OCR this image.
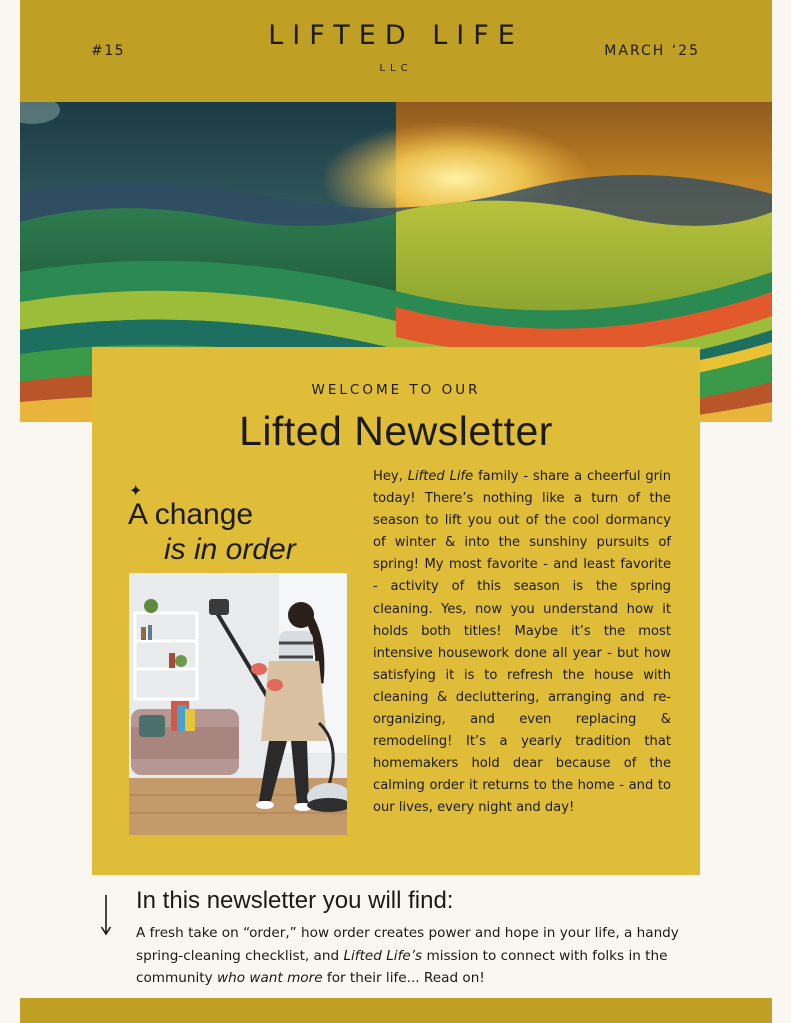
#15	LIFTED LIFE
LLC
MARCH ‘25
WELCOME TO OUR
Lifted Newsletter
✦
A change
is in order
Hey, Lifted Life family - share a cheerful grin today! There’s nothing like a turn of the season to lift you out of the cool dormancy of winter & into the sunshiny pursuits of spring! My most favorite - and least favorite - activity of this season is the spring cleaning. Yes, now you understand how it holds both titles! Maybe it’s the most intensive housework done all year - but how satisfying it is to refresh the house with cleaning & decluttering, arranging and re-organizing, and even replacing & remodeling! It’s a yearly tradition that homemakers hold dear because of the calming order it returns to the home - and to our lives, every night and day!
In this newsletter you will find:
A fresh take on “order,” how order creates power and hope in your life, a handy spring-cleaning checklist, and Lifted Life’s mission to connect with folks in the community who want more for their life... Read on!
